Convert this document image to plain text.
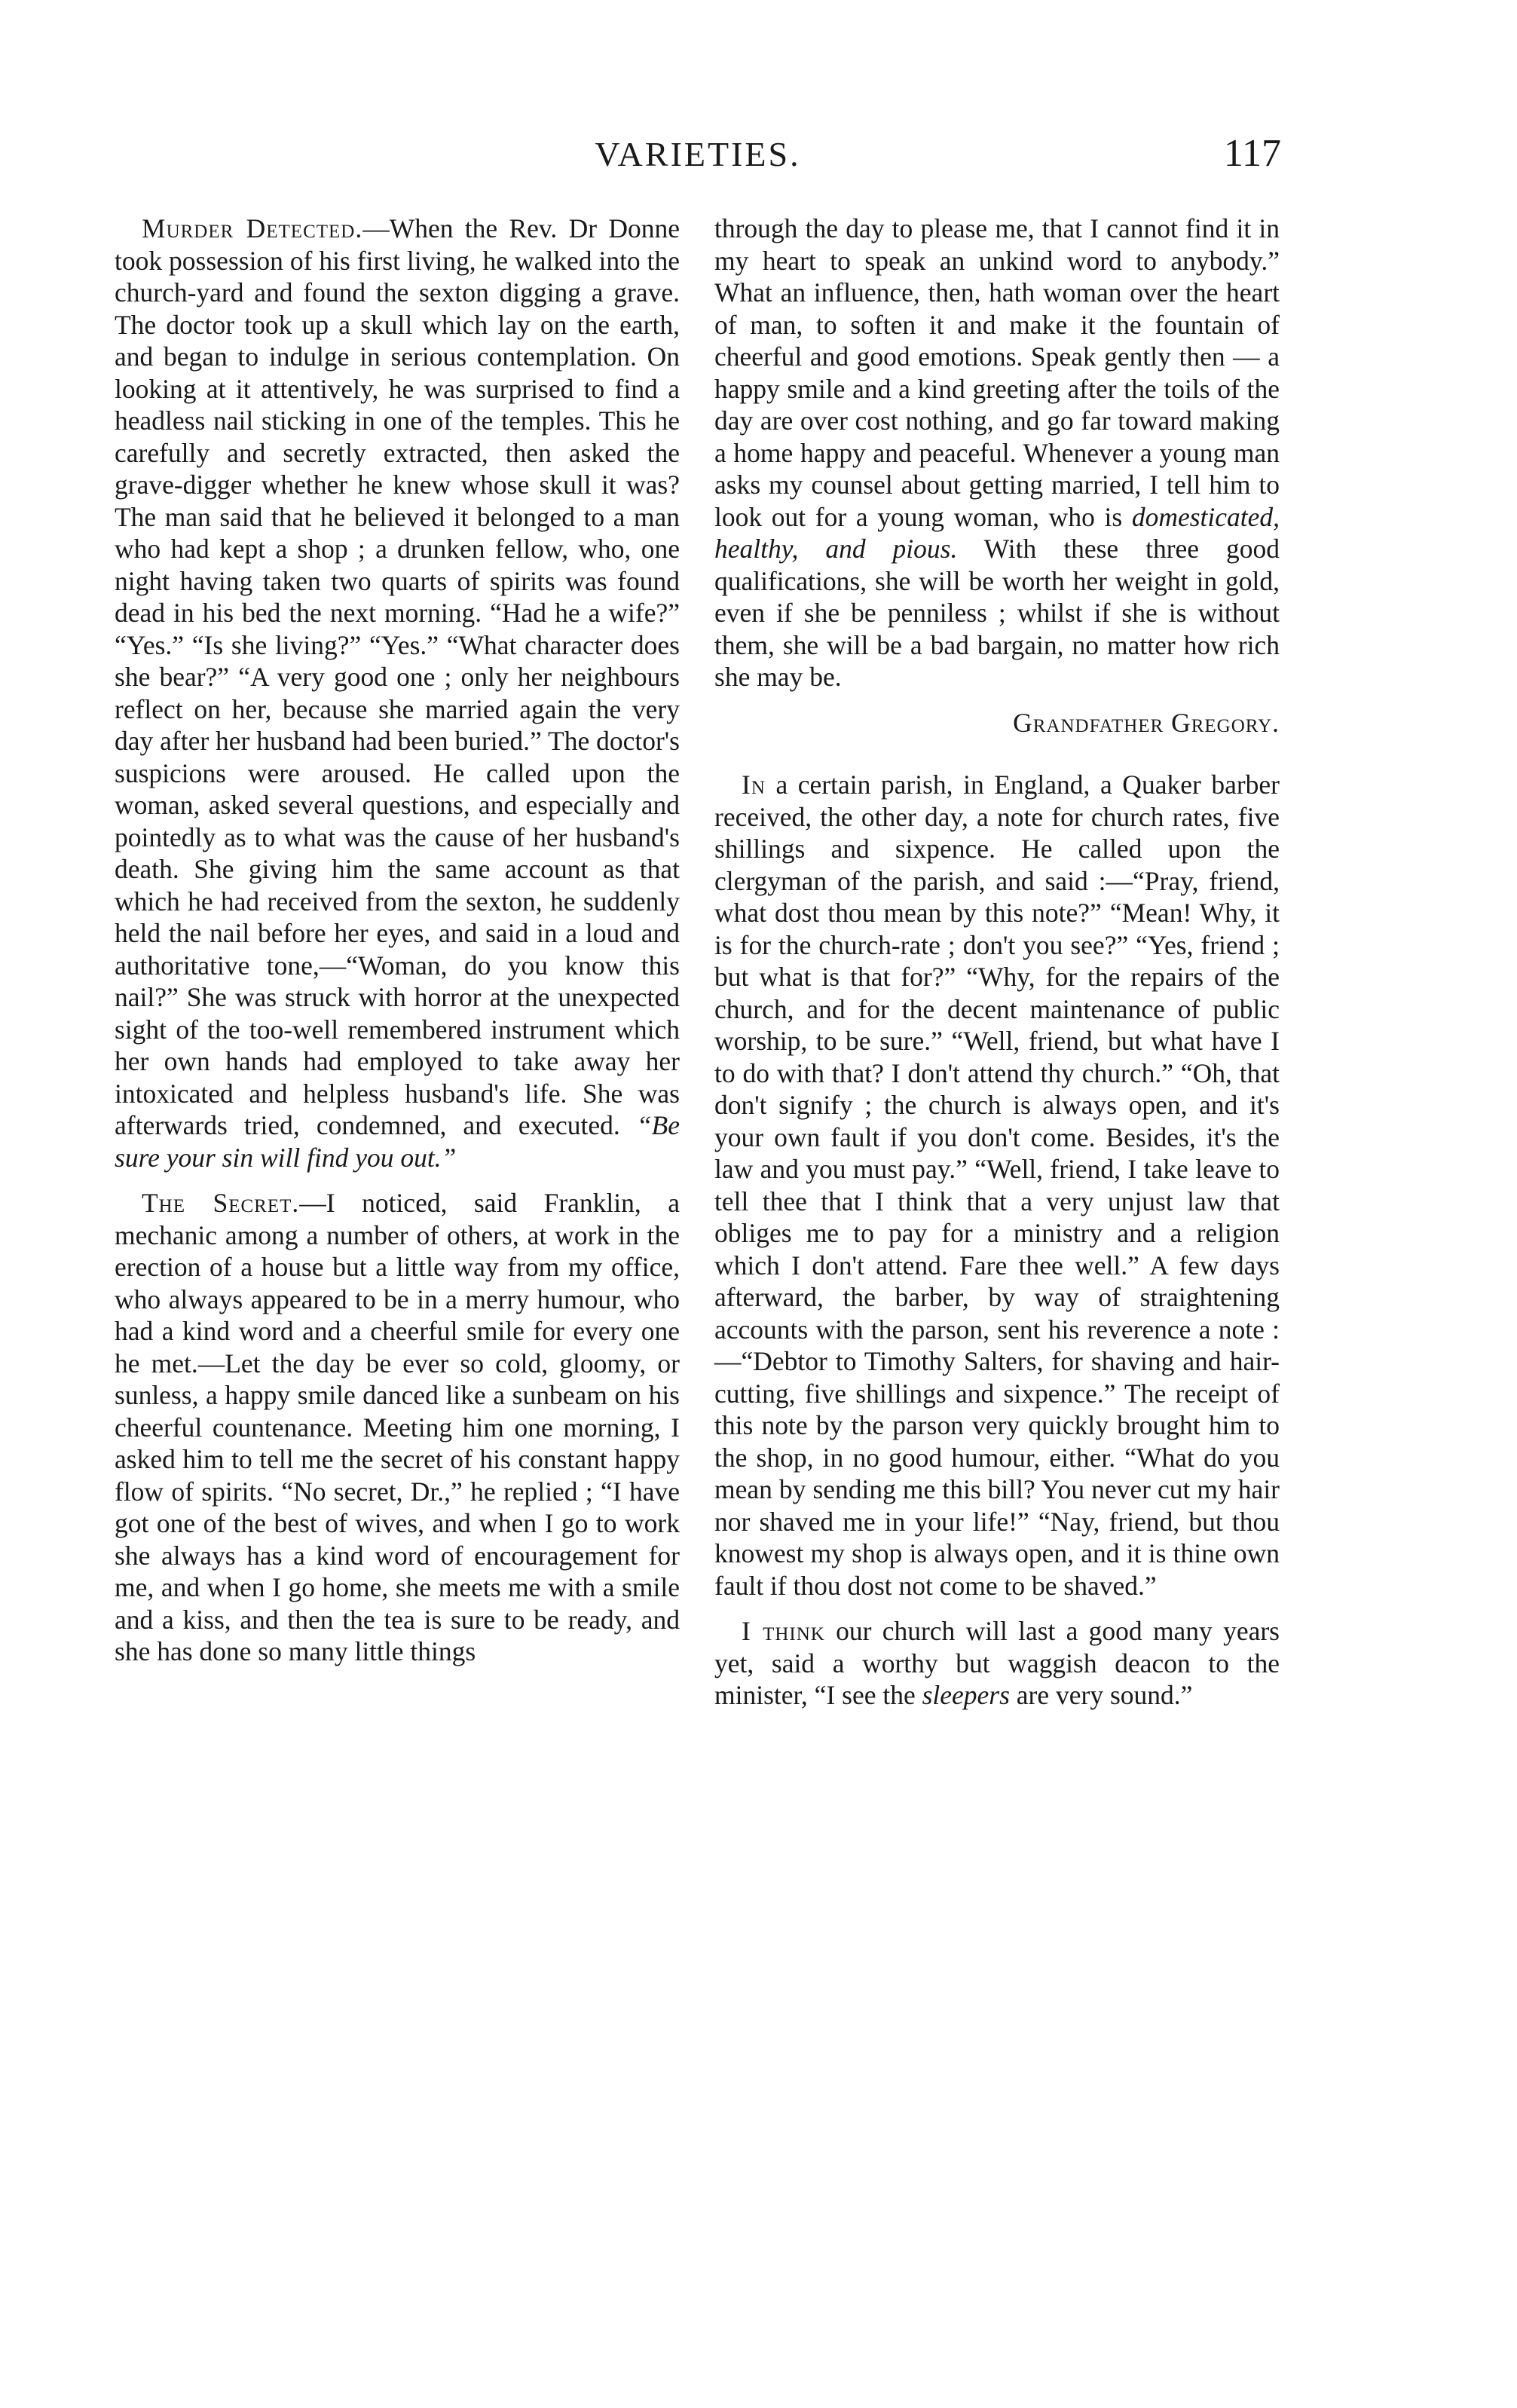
VARIETIES.	117

Murder Detected.—When the Rev. Dr Donne took possession of his first living, he walked into the church-yard and found the sexton digging a grave. The doctor took up a skull which lay on the earth, and began to indulge in serious contemplation. On looking at it attentively, he was surprised to find a headless nail sticking in one of the temples. This he carefully and secretly extracted, then asked the grave-digger whether he knew whose skull it was? The man said that he believed it belonged to a man who had kept a shop ; a drunken fellow, who, one night having taken two quarts of spirits was found dead in his bed the next morning. “Had he a wife?” “Yes.” “Is she living?” “Yes.” “What character does she bear?” “A very good one ; only her neighbours reflect on her, because she married again the very day after her husband had been buried.” The doctor's suspicions were aroused. He called upon the woman, asked several questions, and especially and pointedly as to what was the cause of her husband's death. She giving him the same account as that which he had received from the sexton, he suddenly held the nail before her eyes, and said in a loud and authoritative tone,—“Woman, do you know this nail?” She was struck with horror at the unexpected sight of the too-well remembered instrument which her own hands had employed to take away her intoxicated and helpless husband's life. She was afterwards tried, condemned, and executed. “Be sure your sin will find you out.”

The Secret.—I noticed, said Franklin, a mechanic among a number of others, at work in the erection of a house but a little way from my office, who always appeared to be in a merry humour, who had a kind word and a cheerful smile for every one he met.—Let the day be ever so cold, gloomy, or sunless, a happy smile danced like a sunbeam on his cheerful countenance. Meeting him one morning, I asked him to tell me the secret of his constant happy flow of spirits. “No secret, Dr.,” he replied ; “I have got one of the best of wives, and when I go to work she always has a kind word of encouragement for me, and when I go home, she meets me with a smile and a kiss, and then the tea is sure to be ready, and she has done so many little things

through the day to please me, that I cannot find it in my heart to speak an unkind word to anybody.” What an influence, then, hath woman over the heart of man, to soften it and make it the fountain of cheerful and good emotions. Speak gently then — a happy smile and a kind greeting after the toils of the day are over cost nothing, and go far toward making a home happy and peaceful. Whenever a young man asks my counsel about getting married, I tell him to look out for a young woman, who is domesticated, healthy, and pious. With these three good qualifications, she will be worth her weight in gold, even if she be penniless ; whilst if she is without them, she will be a bad bargain, no matter how rich she may be.

Grandfather Gregory.

In a certain parish, in England, a Quaker barber received, the other day, a note for church rates, five shillings and sixpence. He called upon the clergyman of the parish, and said :—“Pray, friend, what dost thou mean by this note?” “Mean! Why, it is for the church-rate ; don't you see?” “Yes, friend ; but what is that for?” “Why, for the repairs of the church, and for the decent maintenance of public worship, to be sure.” “Well, friend, but what have I to do with that? I don't attend thy church.” “Oh, that don't signify ; the church is always open, and it's your own fault if you don't come. Besides, it's the law and you must pay.” “Well, friend, I take leave to tell thee that I think that a very unjust law that obliges me to pay for a ministry and a religion which I don't attend. Fare thee well.” A few days afterward, the barber, by way of straightening accounts with the parson, sent his reverence a note :—“Debtor to Timothy Salters, for shaving and hair-cutting, five shillings and sixpence.” The receipt of this note by the parson very quickly brought him to the shop, in no good humour, either. “What do you mean by sending me this bill? You never cut my hair nor shaved me in your life!” “Nay, friend, but thou knowest my shop is always open, and it is thine own fault if thou dost not come to be shaved.”

I think our church will last a good many years yet, said a worthy but waggish deacon to the minister, “I see the sleepers are very sound.”
